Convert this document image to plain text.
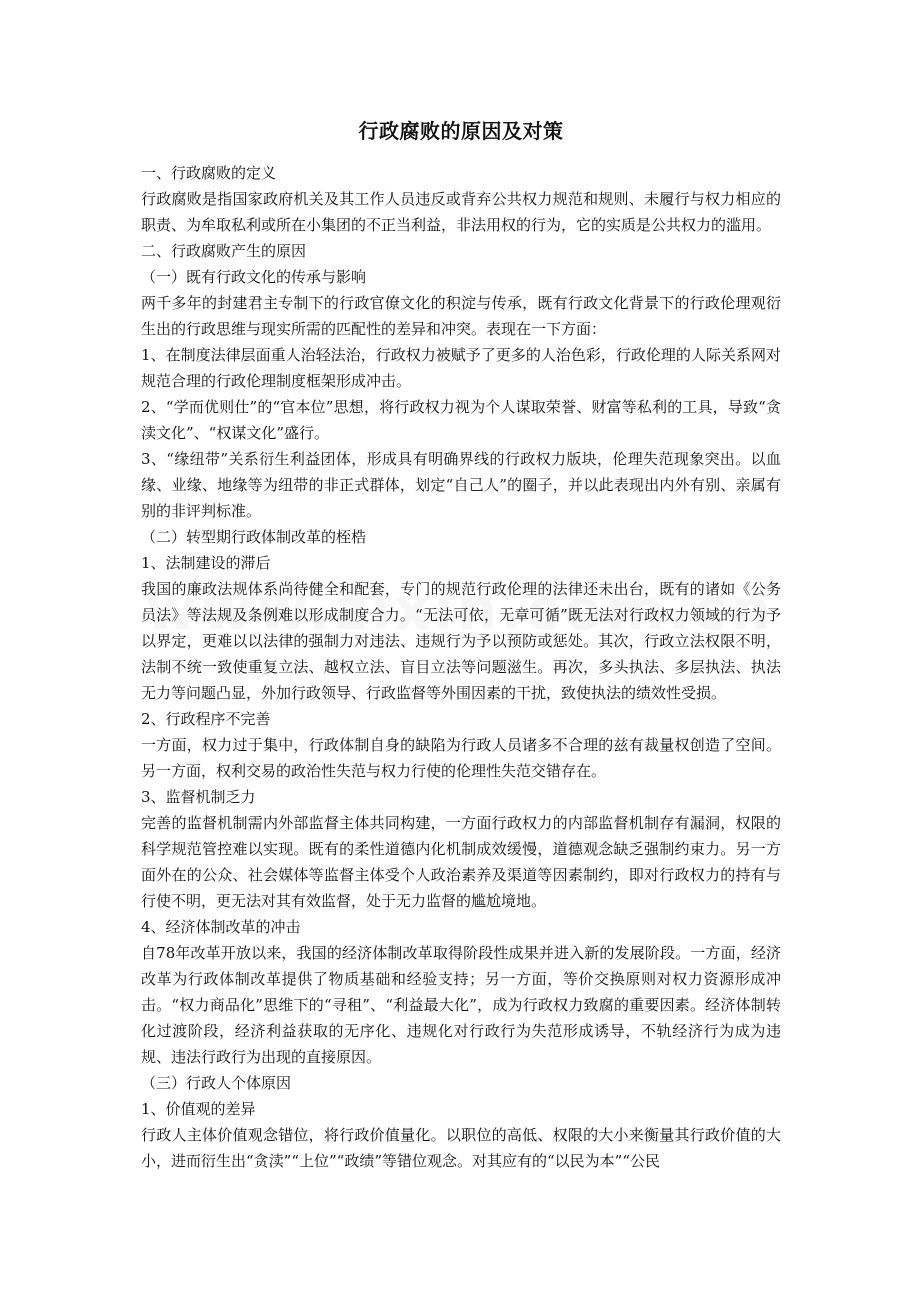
行政腐败的原因及对策

一、行政腐败的定义

行政腐败是指国家政府机关及其工作人员违反或背弃公共权力规范和规则、未履行与权力相应的职责、为牟取私利或所在小集团的不正当利益，非法用权的行为，它的实质是公共权力的滥用。

二、行政腐败产生的原因

（一）既有行政文化的传承与影响

两千多年的封建君主专制下的行政官僚文化的积淀与传承，既有行政文化背景下的行政伦理观衍生出的行政思维与现实所需的匹配性的差异和冲突。表现在一下方面：

1、在制度法律层面重人治轻法治，行政权力被赋予了更多的人治色彩，行政伦理的人际关系网对规范合理的行政伦理制度框架形成冲击。

2、“学而优则仕”的“官本位”思想，将行政权力视为个人谋取荣誉、财富等私利的工具，导致“贪渎文化”、“权谋文化”盛行。

3、“缘纽带”关系衍生利益团体，形成具有明确界线的行政权力版块，伦理失范现象突出。以血缘、业缘、地缘等为纽带的非正式群体，划定“自己人”的圈子，并以此表现出内外有别、亲属有别的非评判标准。

（二）转型期行政体制改革的桎梏

1、法制建设的滞后

我国的廉政法规体系尚待健全和配套，专门的规范行政伦理的法律还未出台，既有的诸如《公务员法》等法规及条例难以形成制度合力。“无法可依，无章可循”既无法对行政权力领域的行为予以界定，更难以以法律的强制力对违法、违规行为予以预防或惩处。其次，行政立法权限不明，法制不统一致使重复立法、越权立法、盲目立法等问题滋生。再次，多头执法、多层执法、执法无力等问题凸显，外加行政领导、行政监督等外围因素的干扰，致使执法的绩效性受损。

2、行政程序不完善

一方面，权力过于集中，行政体制自身的缺陷为行政人员诸多不合理的兹有裁量权创造了空间。另一方面，权利交易的政治性失范与权力行使的伦理性失范交错存在。

3、监督机制乏力

完善的监督机制需内外部监督主体共同构建，一方面行政权力的内部监督机制存有漏洞，权限的科学规范管控难以实现。既有的柔性道德内化机制成效缓慢，道德观念缺乏强制约束力。另一方面外在的公众、社会媒体等监督主体受个人政治素养及渠道等因素制约，即对行政权力的持有与行使不明，更无法对其有效监督，处于无力监督的尴尬境地。

4、经济体制改革的冲击

自78年改革开放以来，我国的经济体制改革取得阶段性成果并进入新的发展阶段。一方面，经济改革为行政体制改革提供了物质基础和经验支持；另一方面，等价交换原则对权力资源形成冲击。“权力商品化”思维下的“寻租”、“利益最大化”，成为行政权力致腐的重要因素。经济体制转化过渡阶段，经济利益获取的无序化、违规化对行政行为失范形成诱导，不轨经济行为成为违规、违法行政行为出现的直接原因。

（三）行政人个体原因

1、价值观的差异

行政人主体价值观念错位，将行政价值量化。以职位的高低、权限的大小来衡量其行政价值的大小，进而衍生出“贪渎”“上位”“政绩”等错位观念。对其应有的“以民为本”“公民
